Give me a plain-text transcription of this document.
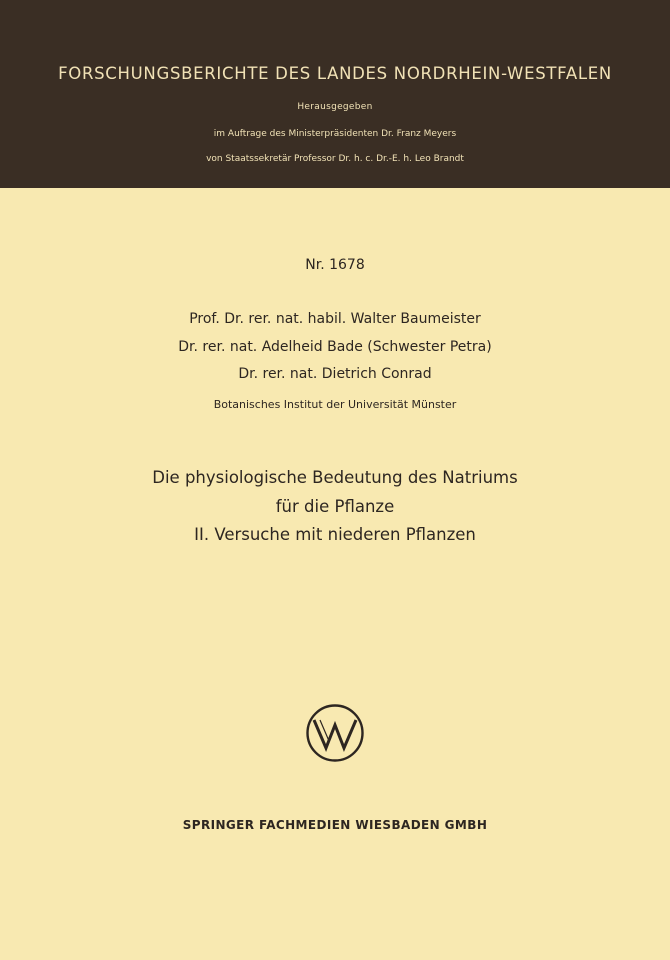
FORSCHUNGSBERICHTE DES LANDES NORDRHEIN-WESTFALEN
Herausgegeben
im Auftrage des Ministerpräsidenten Dr. Franz Meyers
von Staatssekretär Professor Dr. h. c. Dr.-E. h. Leo Brandt
Nr. 1678
Prof. Dr. rer. nat. habil. Walter Baumeister
Dr. rer. nat. Adelheid Bade (Schwester Petra)
Dr. rer. nat. Dietrich Conrad
Botanisches Institut der Universität Münster
Die physiologische Bedeutung des Natriums
für die Pflanze
II. Versuche mit niederen Pflanzen
SPRINGER FACHMEDIEN WIESBADEN GMBH
